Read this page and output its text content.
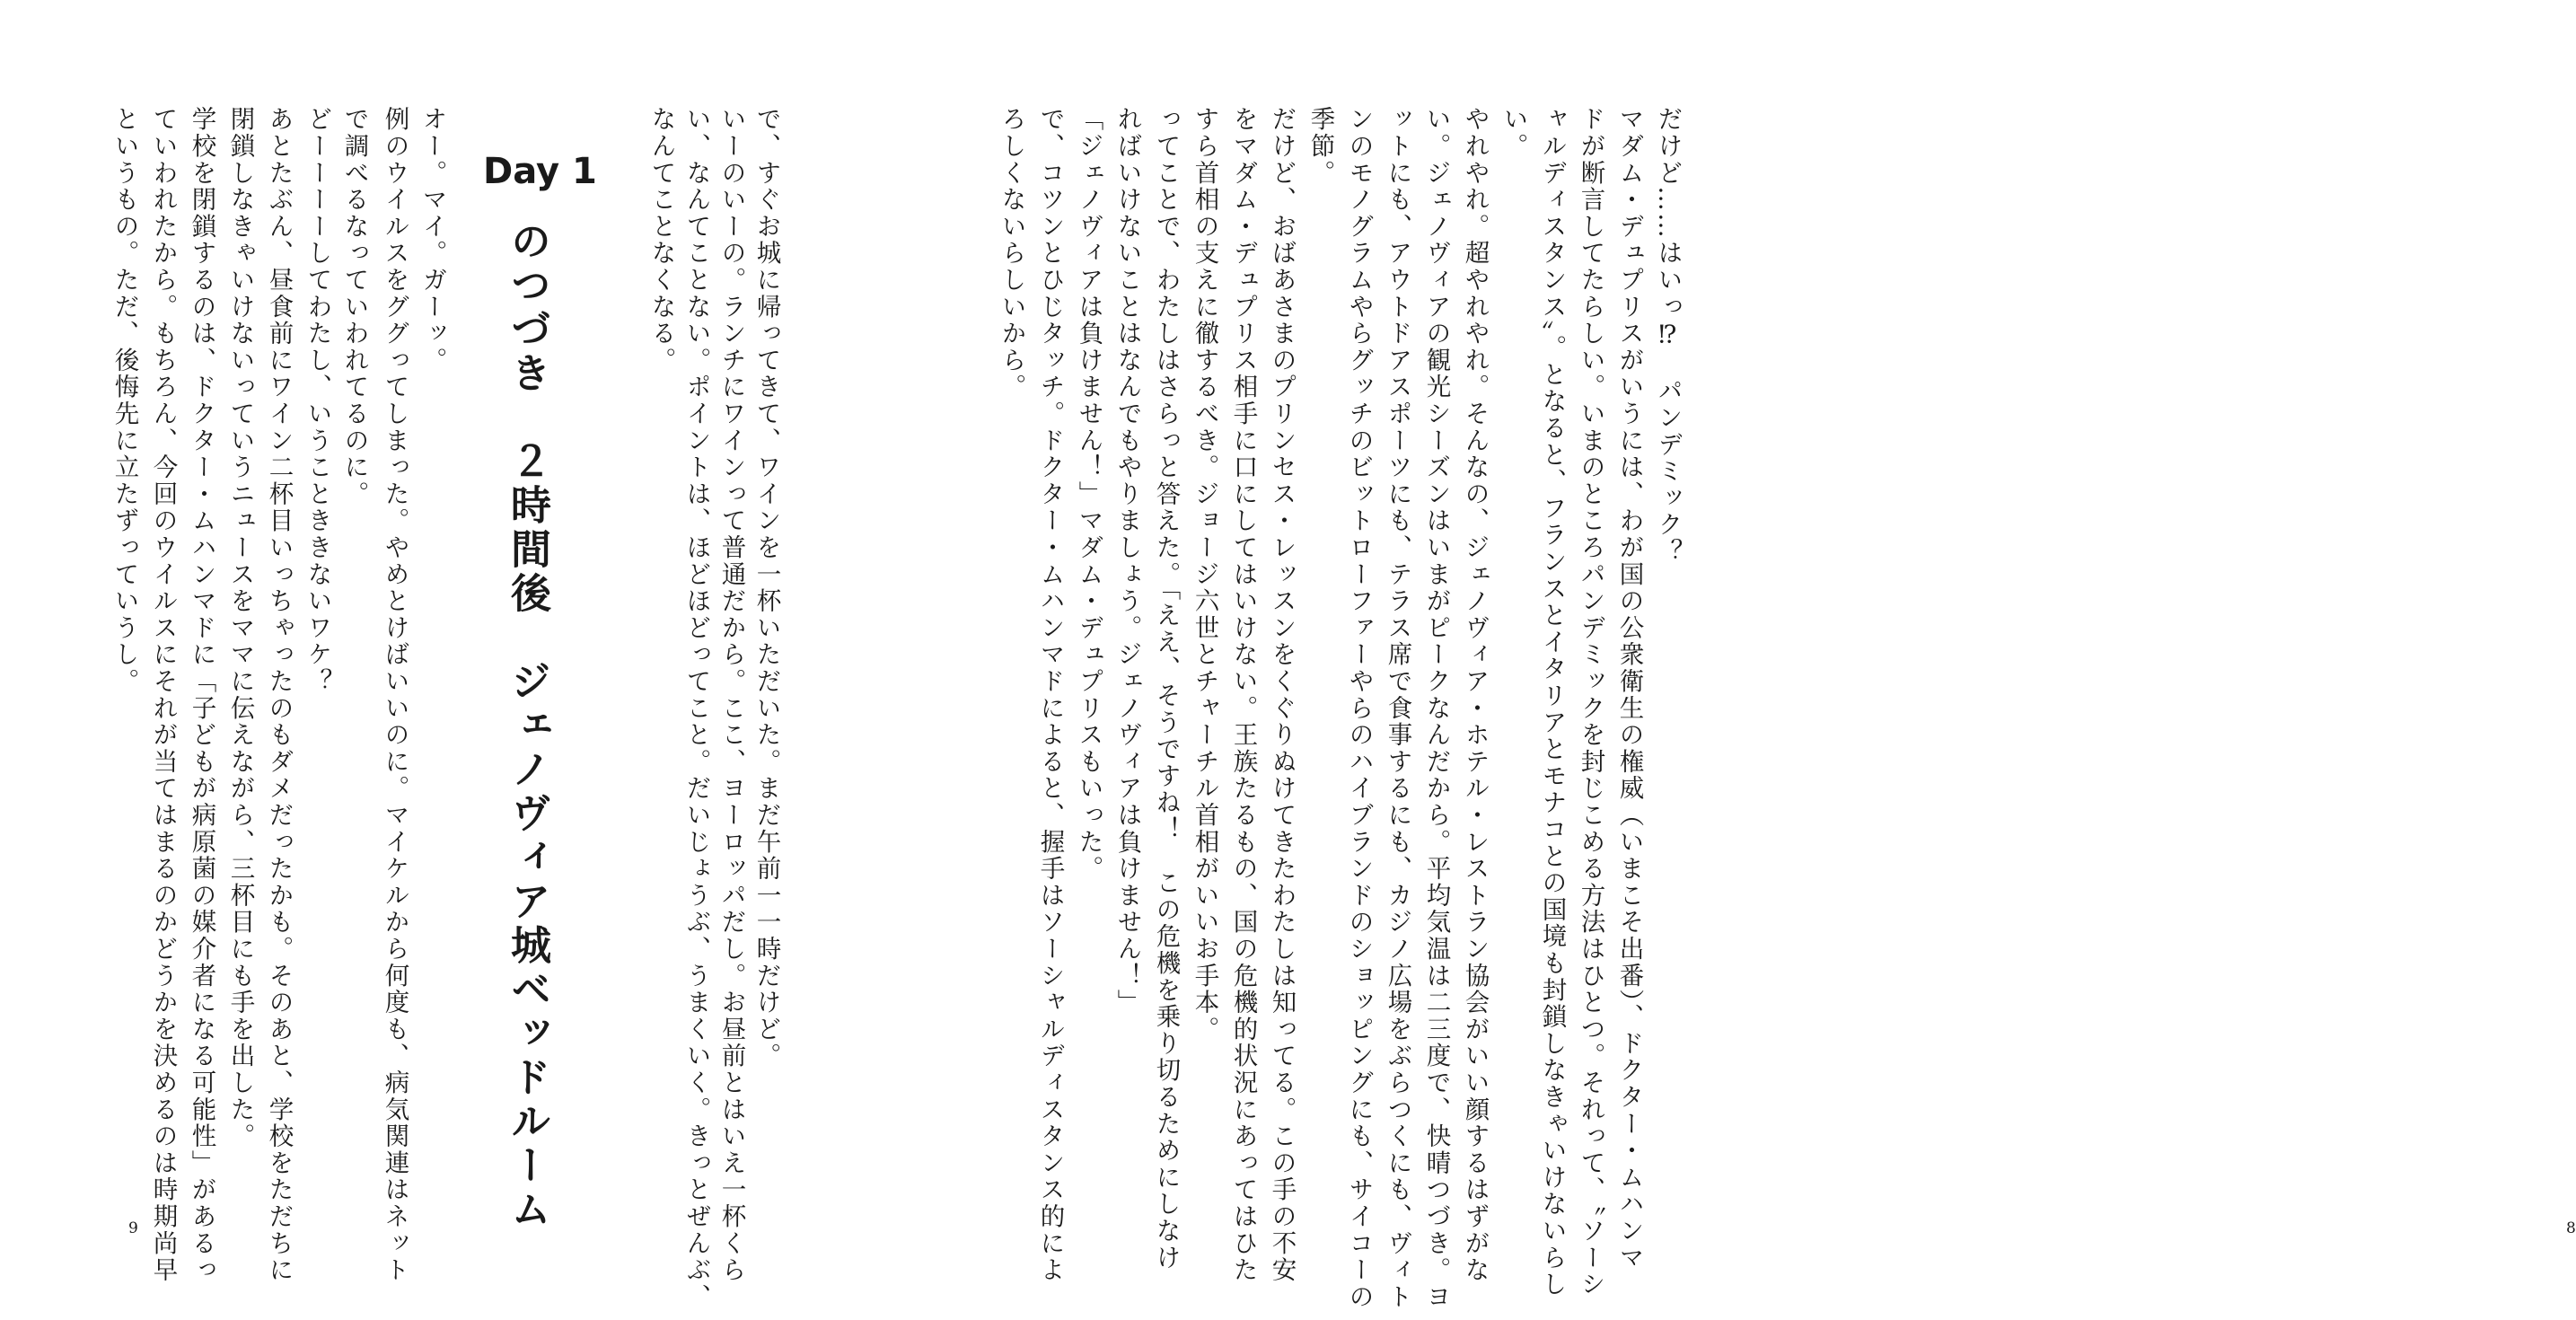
なんてことなくなる。 い、なんてことない。ポイントは、ほどほどってこと。だいじょうぶ、うまくいく。きっとぜんぶ、 いーのいーの。ランチにワインって普通だから。ここ、ヨーロッパだし。お昼前とはいえ一杯くら で、すぐお城に帰ってきて、ワインを一杯いただいた。まだ午前一一時だけど。
Day 1
のつづき　２時間後　ジェノヴィア城ベッドルーム
オー。マイ。ガーッ。
例のウイルスをググってしまった。やめとけばいいのに。マイケルから何度も、病気関連はネット
で調べるなっていわれてるのに。
どーーーーしてわたし、いうことききないワケ？
あとたぶん、昼食前にワイン二杯目いっちゃったのもダメだったかも。そのあと、学校をただちに
閉鎖しなきゃいけないっていうニュースをママに伝えながら、三杯目にも手を出した。
学校を閉鎖するのは、ドクター・ムハンマドに「子どもが病原菌の媒介者になる可能性」があるっ
ていわれたから。もちろん、今回のウイルスにそれが当てはまるのかどうかを決めるのは時期尚早
というもの。ただ、後悔先に立たずっていうし。
9
だけど……はいっ⁉　パンデミック？
マダム・デュプリスがいうには、わが国の公衆衛生の権威（いまこそ出番）、ドクター・ムハンマ
ドが断言してたらしい。いまのところパンデミックを封じこめる方法はひとつ。それって、〝ソーシ
ャルディスタンス〟。となると、フランスとイタリアとモナコとの国境も封鎖しなきゃいけないらし
い。
やれやれ。超やれやれ。そんなの、ジェノヴィア・ホテル・レストラン協会がいい顔するはずがな
い。ジェノヴィアの観光シーズンはいまがピークなんだから。平均気温は二三度で、快晴つづき。ヨ
ットにも、アウトドアスポーツにも、テラス席で食事するにも、カジノ広場をぶらつくにも、ヴィト
ンのモノグラムやらグッチのビットローファーやらのハイブランドのショッピングにも、サイコーの
季節。
だけど、おばあさまのプリンセス・レッスンをくぐりぬけてきたわたしは知ってる。この手の不安
をマダム・デュプリス相手に口にしてはいけない。王族たるもの、国の危機的状況にあってはひた
すら首相の支えに徹するべき。ジョージ六世とチャーチル首相がいいお手本。
ってことで、わたしはさらっと答えた。「ええ、そうですね！　この危機を乗り切るためにしなけ
ればいけないことはなんでもやりましょう。ジェノヴィアは負けません！」
「ジェノヴィアは負けません！」マダム・デュプリスもいった。
で、コツンとひじタッチ。ドクター・ムハンマドによると、握手はソーシャルディスタンス的によ
ろしくないらしいから。
8
